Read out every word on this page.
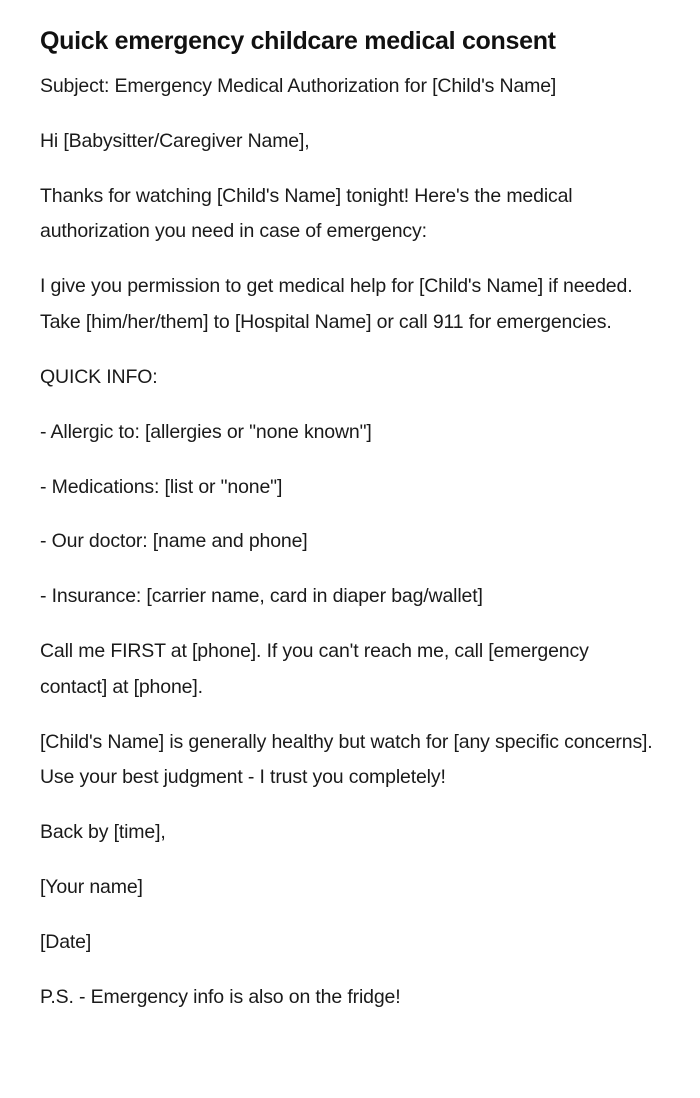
Quick emergency childcare medical consent

Subject: Emergency Medical Authorization for [Child's Name]

Hi [Babysitter/Caregiver Name],

Thanks for watching [Child's Name] tonight! Here's the medical authorization you need in case of emergency:

I give you permission to get medical help for [Child's Name] if needed. Take [him/her/them] to [Hospital Name] or call 911 for emergencies.

QUICK INFO:

- Allergic to: [allergies or "none known"]

- Medications: [list or "none"]

- Our doctor: [name and phone]

- Insurance: [carrier name, card in diaper bag/wallet]

Call me FIRST at [phone]. If you can't reach me, call [emergency contact] at [phone].

[Child's Name] is generally healthy but watch for [any specific concerns]. Use your best judgment - I trust you completely!

Back by [time],

[Your name]

[Date]

P.S. - Emergency info is also on the fridge!
